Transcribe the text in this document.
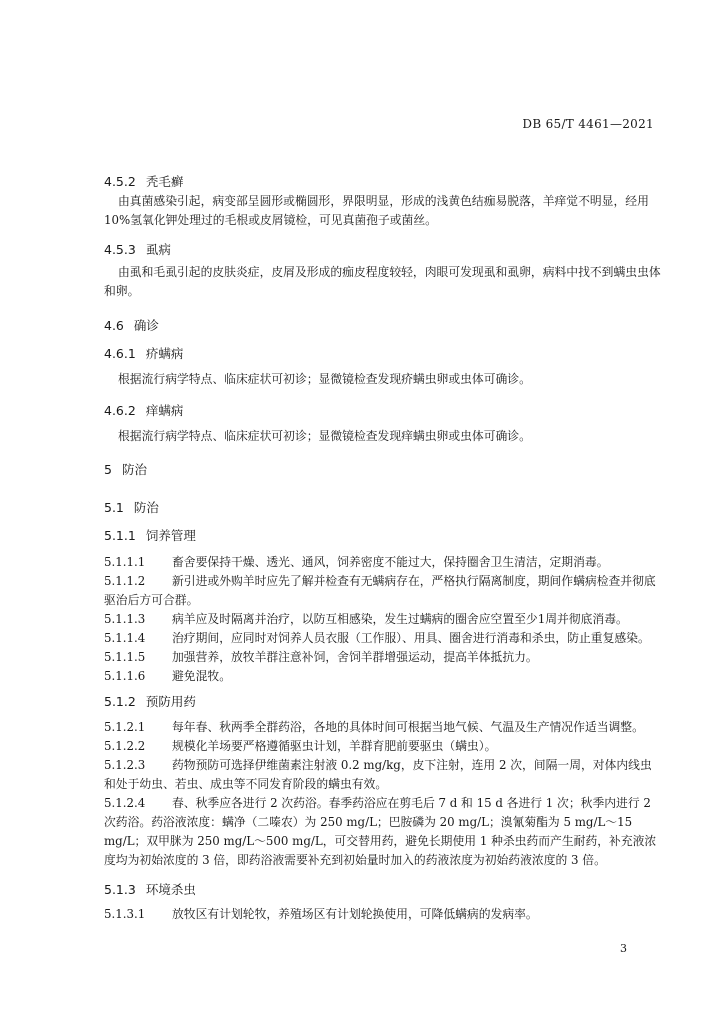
DB 65/T 4461—2021
4.5.2 秃毛癣
由真菌感染引起，病变部呈圆形或椭圆形，界限明显，形成的浅黄色结痂易脱落，羊痒觉不明显，经用10%氢氧化钾处理过的毛根或皮屑镜检，可见真菌孢子或菌丝。
4.5.3 虱病
由虱和毛虱引起的皮肤炎症，皮屑及形成的痂皮程度较轻，肉眼可发现虱和虱卵，病料中找不到螨虫虫体和卵。
4.6 确诊
4.6.1 疥螨病
根据流行病学特点、临床症状可初诊；显微镜检查发现疥螨虫卵或虫体可确诊。
4.6.2 痒螨病
根据流行病学特点、临床症状可初诊；显微镜检查发现痒螨虫卵或虫体可确诊。
5 防治
5.1 防治
5.1.1 饲养管理
5.1.1.1 畜舍要保持干燥、透光、通风，饲养密度不能过大，保持圈舍卫生清洁，定期消毒。
5.1.1.2 新引进或外购羊时应先了解并检查有无螨病存在，严格执行隔离制度，期间作螨病检查并彻底驱治后方可合群。
5.1.1.3 病羊应及时隔离并治疗，以防互相感染，发生过螨病的圈舍应空置至少1周并彻底消毒。
5.1.1.4 治疗期间，应同时对饲养人员衣服（工作服）、用具、圈舍进行消毒和杀虫，防止重复感染。
5.1.1.5 加强营养，放牧羊群注意补饲，舍饲羊群增强运动，提高羊体抵抗力。
5.1.1.6 避免混牧。
5.1.2 预防用药
5.1.2.1 每年春、秋两季全群药浴，各地的具体时间可根据当地气候、气温及生产情况作适当调整。
5.1.2.2 规模化羊场要严格遵循驱虫计划，羊群育肥前要驱虫（螨虫）。
5.1.2.3 药物预防可选择伊维菌素注射液 0.2 mg/kg，皮下注射，连用 2 次，间隔一周，对体内线虫和处于幼虫、若虫、成虫等不同发育阶段的螨虫有效。
5.1.2.4 春、秋季应各进行 2 次药浴。春季药浴应在剪毛后 7 d 和 15 d 各进行 1 次；秋季内进行 2 次药浴。药浴液浓度：螨净（二嗪农）为 250 mg/L；巴胺磷为 20 mg/L；溴氰菊酯为 5 mg/L～15 mg/L；双甲脒为 250 mg/L～500 mg/L，可交替用药，避免长期使用 1 种杀虫药而产生耐药，补充液浓度均为初始浓度的 3 倍，即药浴液需要补充到初始量时加入的药液浓度为初始药液浓度的 3 倍。
5.1.3 环境杀虫
5.1.3.1 放牧区有计划轮牧，养殖场区有计划轮换使用，可降低螨病的发病率。
3
